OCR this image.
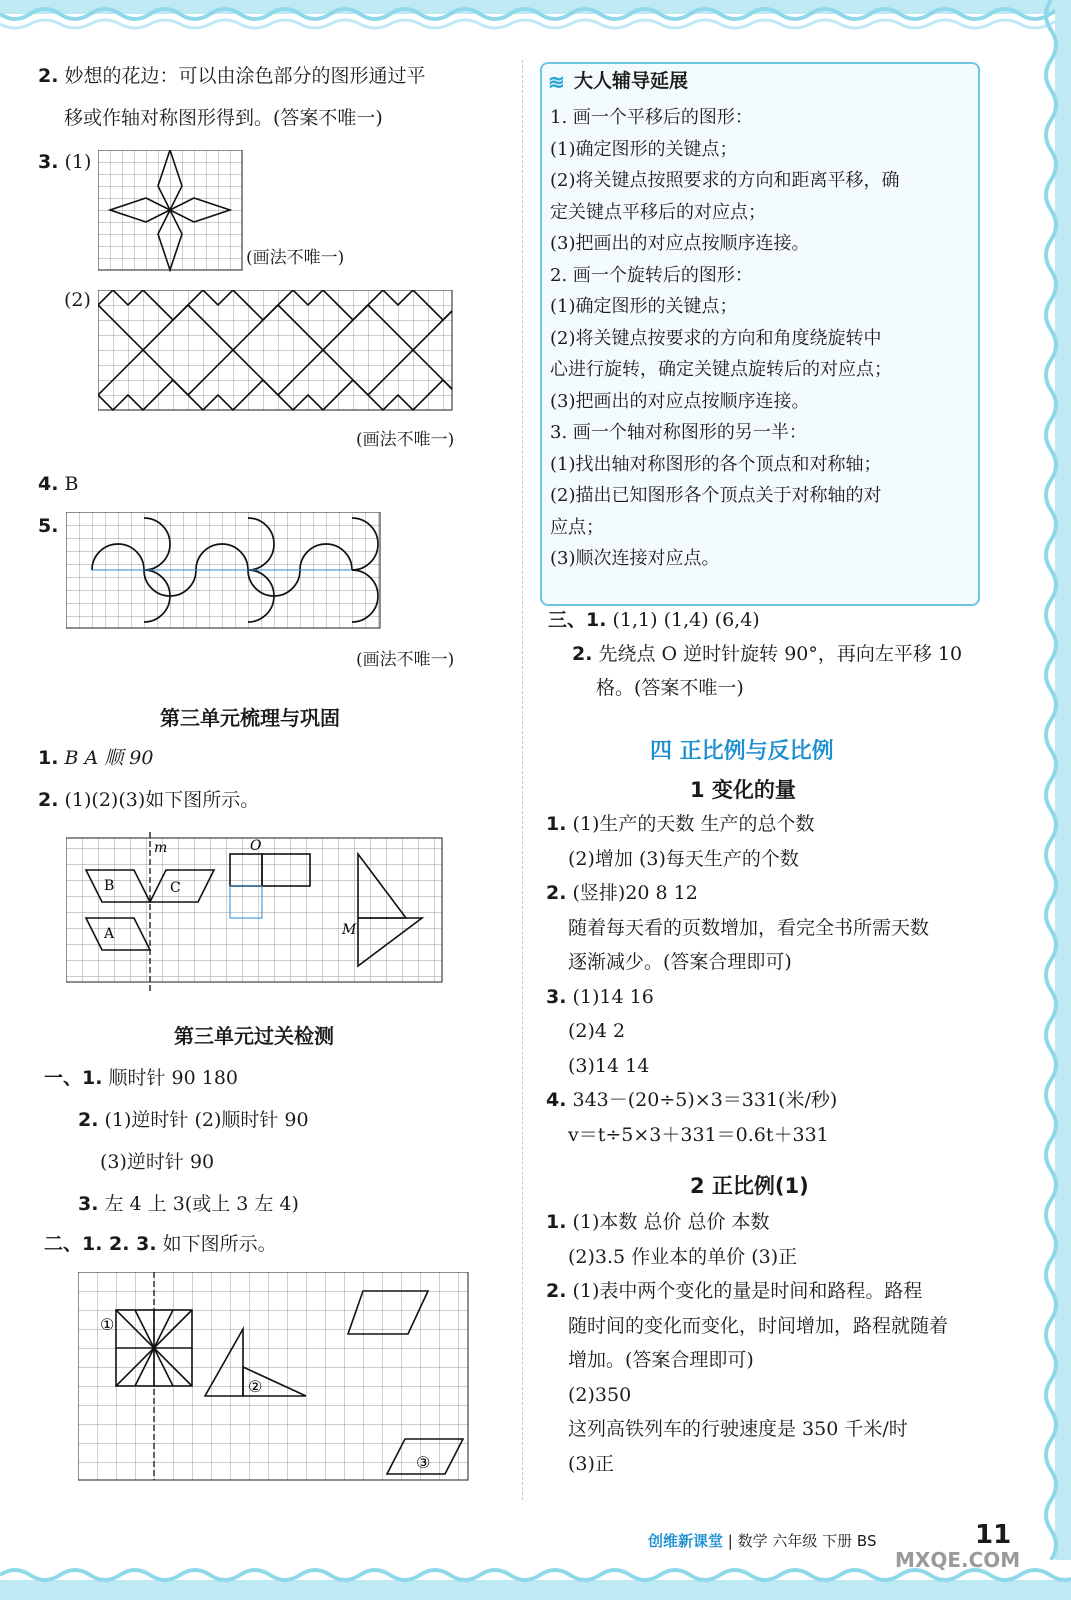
2. 妙想的花边：可以由涂色部分的图形通过平
移或作轴对称图形得到。(答案不唯一)
3. (1)
(画法不唯一)
(2)
(画法不唯一)
4. B
5.
(画法不唯一)
第三单元梳理与巩固
1. B A 顺 90
2. (1)(2)(3)如下图所示。
m	O
B	C
A	M
第三单元过关检测
一、1. 顺时针 90 180
2. (1)逆时针 (2)顺时针 90
(3)逆时针 90
3. 左 4 上 3(或上 3 左 4)
二、1. 2. 3. 如下图所示。
①
②
③
≋ 大人辅导延展
1. 画一个平移后的图形：
(1)确定图形的关键点；
(2)将关键点按照要求的方向和距离平移，确
定关键点平移后的对应点；
(3)把画出的对应点按顺序连接。
2. 画一个旋转后的图形：
(1)确定图形的关键点；
(2)将关键点按要求的方向和角度绕旋转中
心进行旋转，确定关键点旋转后的对应点；
(3)把画出的对应点按顺序连接。
3. 画一个轴对称图形的另一半：
(1)找出轴对称图形的各个顶点和对称轴；
(2)描出已知图形各个顶点关于对称轴的对
应点；
(3)顺次连接对应点。
三、1. (1,1) (1,4) (6,4)
2. 先绕点 O 逆时针旋转 90°，再向左平移 10
格。(答案不唯一)
四 正比例与反比例
1 变化的量
1. (1)生产的天数 生产的总个数
(2)增加 (3)每天生产的个数
2. (竖排)20 8 12
随着每天看的页数增加，看完全书所需天数
逐渐减少。(答案合理即可)
3. (1)14 16
(2)4 2
(3)14 14
4. 343－(20÷5)×3＝331(米/秒)
v＝t÷5×3＋331＝0.6t＋331
2 正比例(1)
1. (1)本数 总价 总价 本数
(2)3.5 作业本的单价 (3)正
2. (1)表中两个变化的量是时间和路程。路程
随时间的变化而变化，时间增加，路程就随着
增加。(答案合理即可)
(2)350
这列高铁列车的行驶速度是 350 千米/时
(3)正
创维新课堂 | 数学 六年级 下册 BS	11
MXQE.COM
